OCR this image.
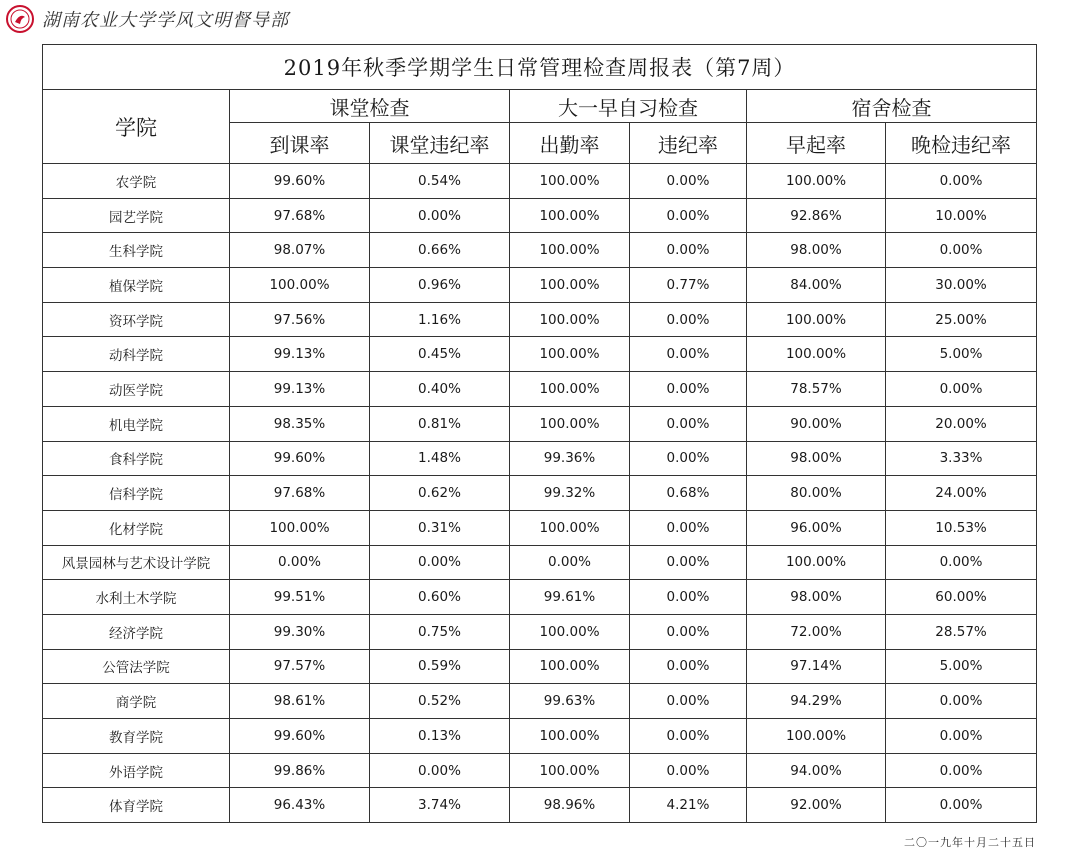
湖南农业大学学风文明督导部
2019年秋季学期学生日常管理检查周报表（第7周）						
学院	课堂检查		大一早自习检查		宿舍检查	
	到课率	课堂违纪率	出勤率	违纪率	早起率	晚检违纪率
农学院	99.60%	0.54%	100.00%	0.00%	100.00%	0.00%
园艺学院	97.68%	0.00%	100.00%	0.00%	92.86%	10.00%
生科学院	98.07%	0.66%	100.00%	0.00%	98.00%	0.00%
植保学院	100.00%	0.96%	100.00%	0.77%	84.00%	30.00%
资环学院	97.56%	1.16%	100.00%	0.00%	100.00%	25.00%
动科学院	99.13%	0.45%	100.00%	0.00%	100.00%	5.00%
动医学院	99.13%	0.40%	100.00%	0.00%	78.57%	0.00%
机电学院	98.35%	0.81%	100.00%	0.00%	90.00%	20.00%
食科学院	99.60%	1.48%	99.36%	0.00%	98.00%	3.33%
信科学院	97.68%	0.62%	99.32%	0.68%	80.00%	24.00%
化材学院	100.00%	0.31%	100.00%	0.00%	96.00%	10.53%
风景园林与艺术设计学院	0.00%	0.00%	0.00%	0.00%	100.00%	0.00%
水利土木学院	99.51%	0.60%	99.61%	0.00%	98.00%	60.00%
经济学院	99.30%	0.75%	100.00%	0.00%	72.00%	28.57%
公管法学院	97.57%	0.59%	100.00%	0.00%	97.14%	5.00%
商学院	98.61%	0.52%	99.63%	0.00%	94.29%	0.00%
教育学院	99.60%	0.13%	100.00%	0.00%	100.00%	0.00%
外语学院	99.86%	0.00%	100.00%	0.00%	94.00%	0.00%
体育学院	96.43%	3.74%	98.96%	4.21%	92.00%	0.00%
二〇一九年十月二十五日
